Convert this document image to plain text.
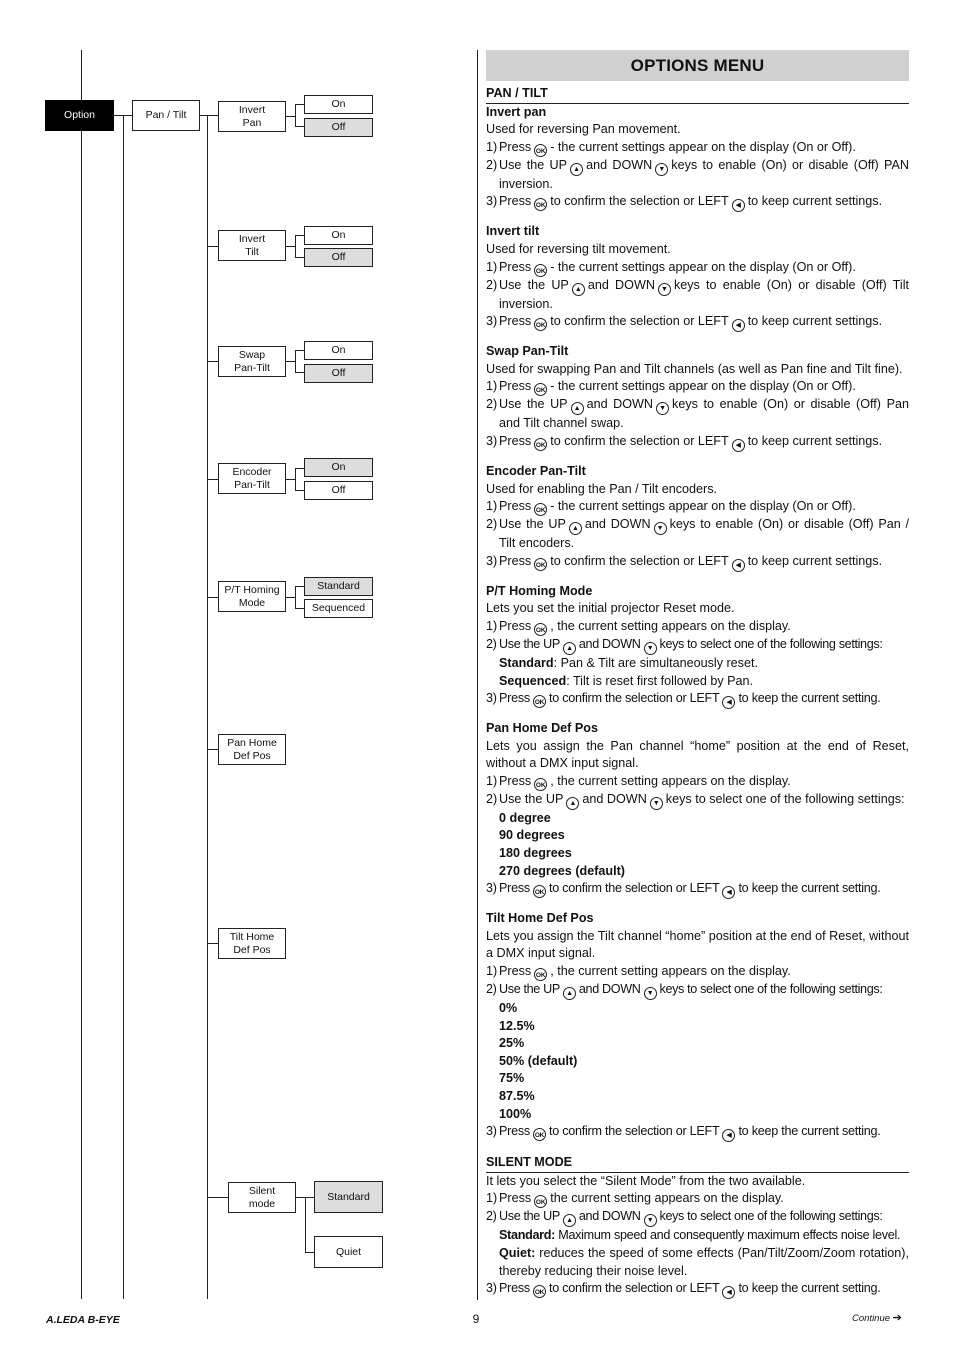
Option	Pan / Tilt	Invert
Pan
On
Off
Invert
Tilt
On
Off
Swap
Pan-Tilt
On
Off
Encoder
Pan-Tilt
On
Off
P/T Homing
Mode
Standard
Sequenced
Pan Home
Def Pos
Tilt Home
Def Pos
Silent
mode
Standard
Quiet
OPTIONS MENU
PAN / TILT
Invert pan

Used for reversing Pan movement.

1) Press OK - the current settings appear on the display (On or Off).
2) Use the UP ▲ and DOWN ▼ keys to enable (On) or disable (Off) PAN inversion.
3) Press OK to confirm the selection or LEFT ◀ to keep current settings.
Invert tilt

Used for reversing tilt movement.

1) Press OK - the current settings appear on the display (On or Off).
2) Use the UP ▲ and DOWN ▼ keys to enable (On) or disable (Off) Tilt inversion.
3) Press OK to confirm the selection or LEFT ◀ to keep current settings.
Swap Pan-Tilt

Used for swapping Pan and Tilt channels (as well as Pan fine and Tilt fine).

1) Press OK - the current settings appear on the display (On or Off).
2) Use the UP ▲ and DOWN ▼ keys to enable (On) or disable (Off) Pan and Tilt channel swap.
3) Press OK to confirm the selection or LEFT ◀ to keep current settings.
Encoder Pan-Tilt

Used for enabling the Pan / Tilt encoders.

1) Press OK - the current settings appear on the display (On or Off).
2) Use the UP ▲ and DOWN ▼ keys to enable (On) or disable (Off) Pan / Tilt encoders.
3) Press OK to confirm the selection or LEFT ◀ to keep current settings.
P/T Homing Mode

Lets you set the initial projector Reset mode.

1) Press OK , the current setting appears on the display.
2) Use the UP ▲ and DOWN ▼ keys to select one of the following settings:

Standard: Pan & Tilt are simultaneously reset.

Sequenced: Tilt is reset first followed by Pan.

3) Press OK to confirm the selection or LEFT ◀ to keep the current setting.
Pan Home Def Pos

Lets you assign the Pan channel “home” position at the end of Reset, without a DMX input signal.

1) Press OK , the current setting appears on the display.
2) Use the UP ▲ and DOWN ▼ keys to select one of the following settings:

0 degree

90 degrees

180 degrees

270 degrees (default)

3) Press OK to confirm the selection or LEFT ◀ to keep the current setting.
Tilt Home Def Pos

Lets you assign the Tilt channel “home” position at the end of Reset, without a DMX input signal.

1) Press OK , the current setting appears on the display.
2) Use the UP ▲ and DOWN ▼ keys to select one of the following settings:

0%

12.5%

25%

50% (default)

75%

87.5%

100%

3) Press OK to confirm the selection or LEFT ◀ to keep the current setting.
SILENT MODE

It lets you select the “Silent Mode” from the two available.

1) Press OK the current setting appears on the display.
2) Use the UP ▲ and DOWN ▼ keys to select one of the following settings:

Standard: Maximum speed and consequently maximum effects noise level.

Quiet: reduces the speed of some effects (Pan/Tilt/Zoom/Zoom rotation), thereby reducing their noise level.

3) Press OK to confirm the selection or LEFT ◀ to keep the current setting.
A.LEDA B-EYE	9	Continue ➔
